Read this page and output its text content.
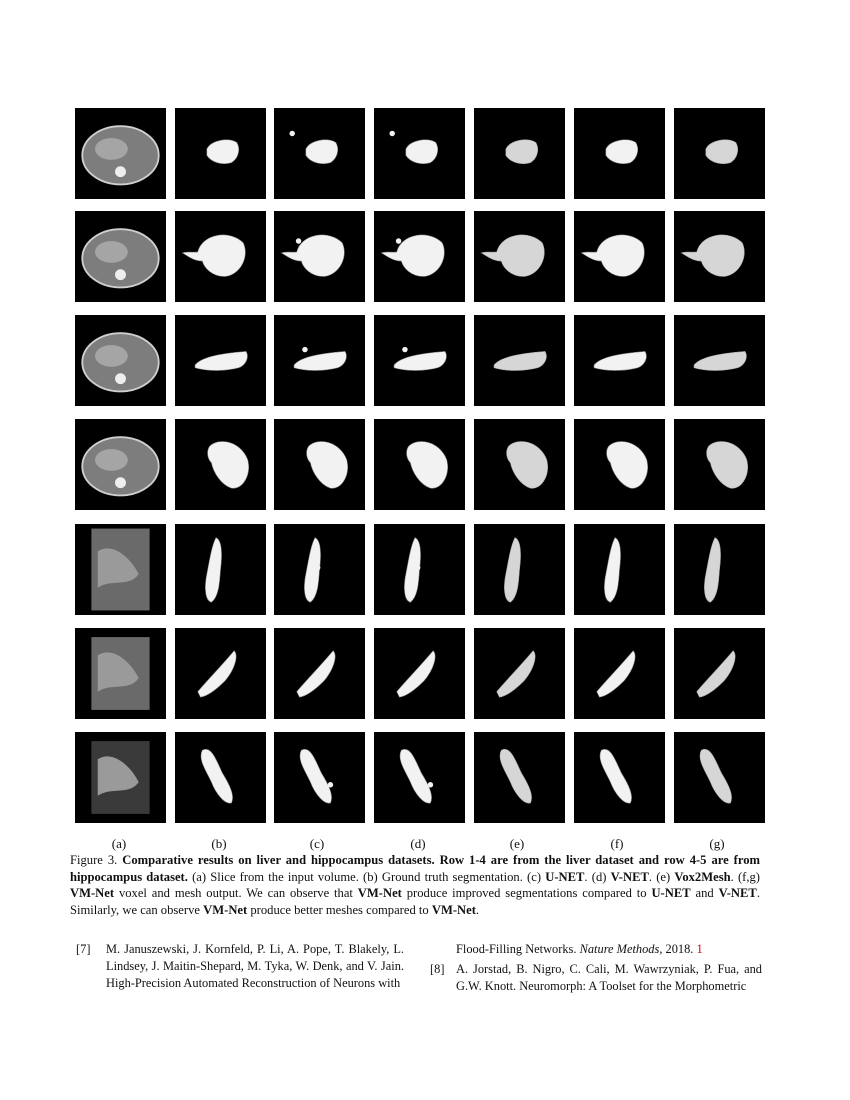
(a)	(b)	(c)	(d)	(e)	(f)	(g)
Figure 3. Comparative results on liver and hippocampus datasets. Row 1-4 are from the liver dataset and row 4-5 are from hippocampus dataset. (a) Slice from the input volume. (b) Ground truth segmentation. (c) U-NET. (d) V-NET. (e) Vox2Mesh. (f,g) VM-Net voxel and mesh output. We can observe that VM-Net produce improved segmentations compared to U-NET and V-NET. Similarly, we can observe VM-Net produce better meshes compared to VM-Net.
[7] M. Januszewski, J. Kornfeld, P. Li, A. Pope, T. Blakely, L. Lindsey, J. Maitin-Shepard, M. Tyka, W. Denk, and V. Jain. High-Precision Automated Reconstruction of Neurons with
Flood-Filling Networks. Nature Methods, 2018. 1
[8] A. Jorstad, B. Nigro, C. Cali, M. Wawrzyniak, P. Fua, and G.W. Knott. Neuromorph: A Toolset for the Morphometric
